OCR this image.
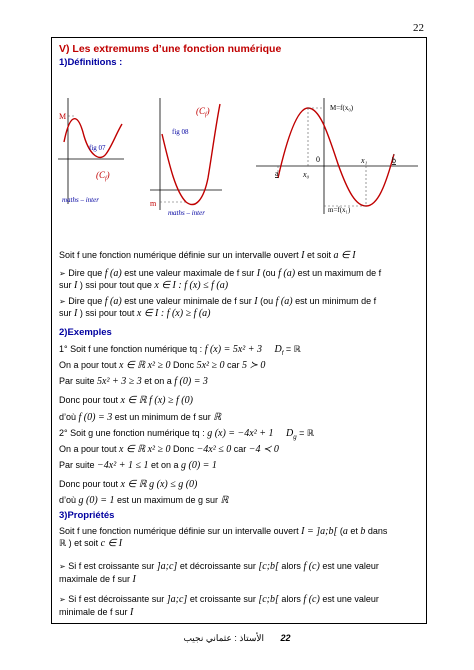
22
V) Les extremums d’une fonction numérique
1)Définitions :
M
fig 07
$(C_f)$
maths – inter
$(C_f)$
fig 08
m
maths – inter
M=f(x₀)
a	x₀
0	x₁	b
m=f(x₁)
Soit f une fonction numérique définie sur un intervalle ouvert I et soit a ∈ I
➢ Dire que f (a) est une valeur maximale de f sur I (ou f (a) est un maximum de f
sur I ) ssi pour tout que x ∈ I : f (x) ≤ f (a)
➢ Dire que f (a) est une valeur minimale de f sur I (ou f (a) est un minimum de f
sur I ) ssi pour tout x ∈ I : f (x) ≥ f (a)
2)Exemples
1° Soit f une fonction numérique tq : f (x) = 5x² + 3 $D_f$ = ℝ
On a pour tout x ∈ ℝ x² ≥ 0 Donc 5x² ≥ 0 car 5 ≻ 0
Par suite 5x² + 3 ≥ 3 et on a f (0) = 3
Donc pour tout x ∈ ℝ f (x) ≥ f (0)
d’où f (0) = 3 est un minimum de f sur ℝ
2° Soit g une fonction numérique tq : g (x) = −4x² + 1 $D_g$ = ℝ
On a pour tout x ∈ ℝ x² ≥ 0 Donc −4x² ≤ 0 car −4 ≺ 0
Par suite −4x² + 1 ≤ 1 et on a g (0) = 1
Donc pour tout x ∈ ℝ g (x) ≤ g (0)
d’où g (0) = 1 est un maximum de g sur ℝ
3)Propriétés
Soit f une fonction numérique définie sur un intervalle ouvert I = ]a;b[ (a et b dans
ℝ ) et soit c ∈ I
➢ Si f est croissante sur ]a;c] et décroissante sur [c;b[ alors f (c) est une valeur
maximale de f sur I
➢ Si f est décroissante sur ]a;c] et croissante sur [c;b[ alors f (c) est une valeur
minimale de f sur I
الأستاذ : عثماني نجيب 22
